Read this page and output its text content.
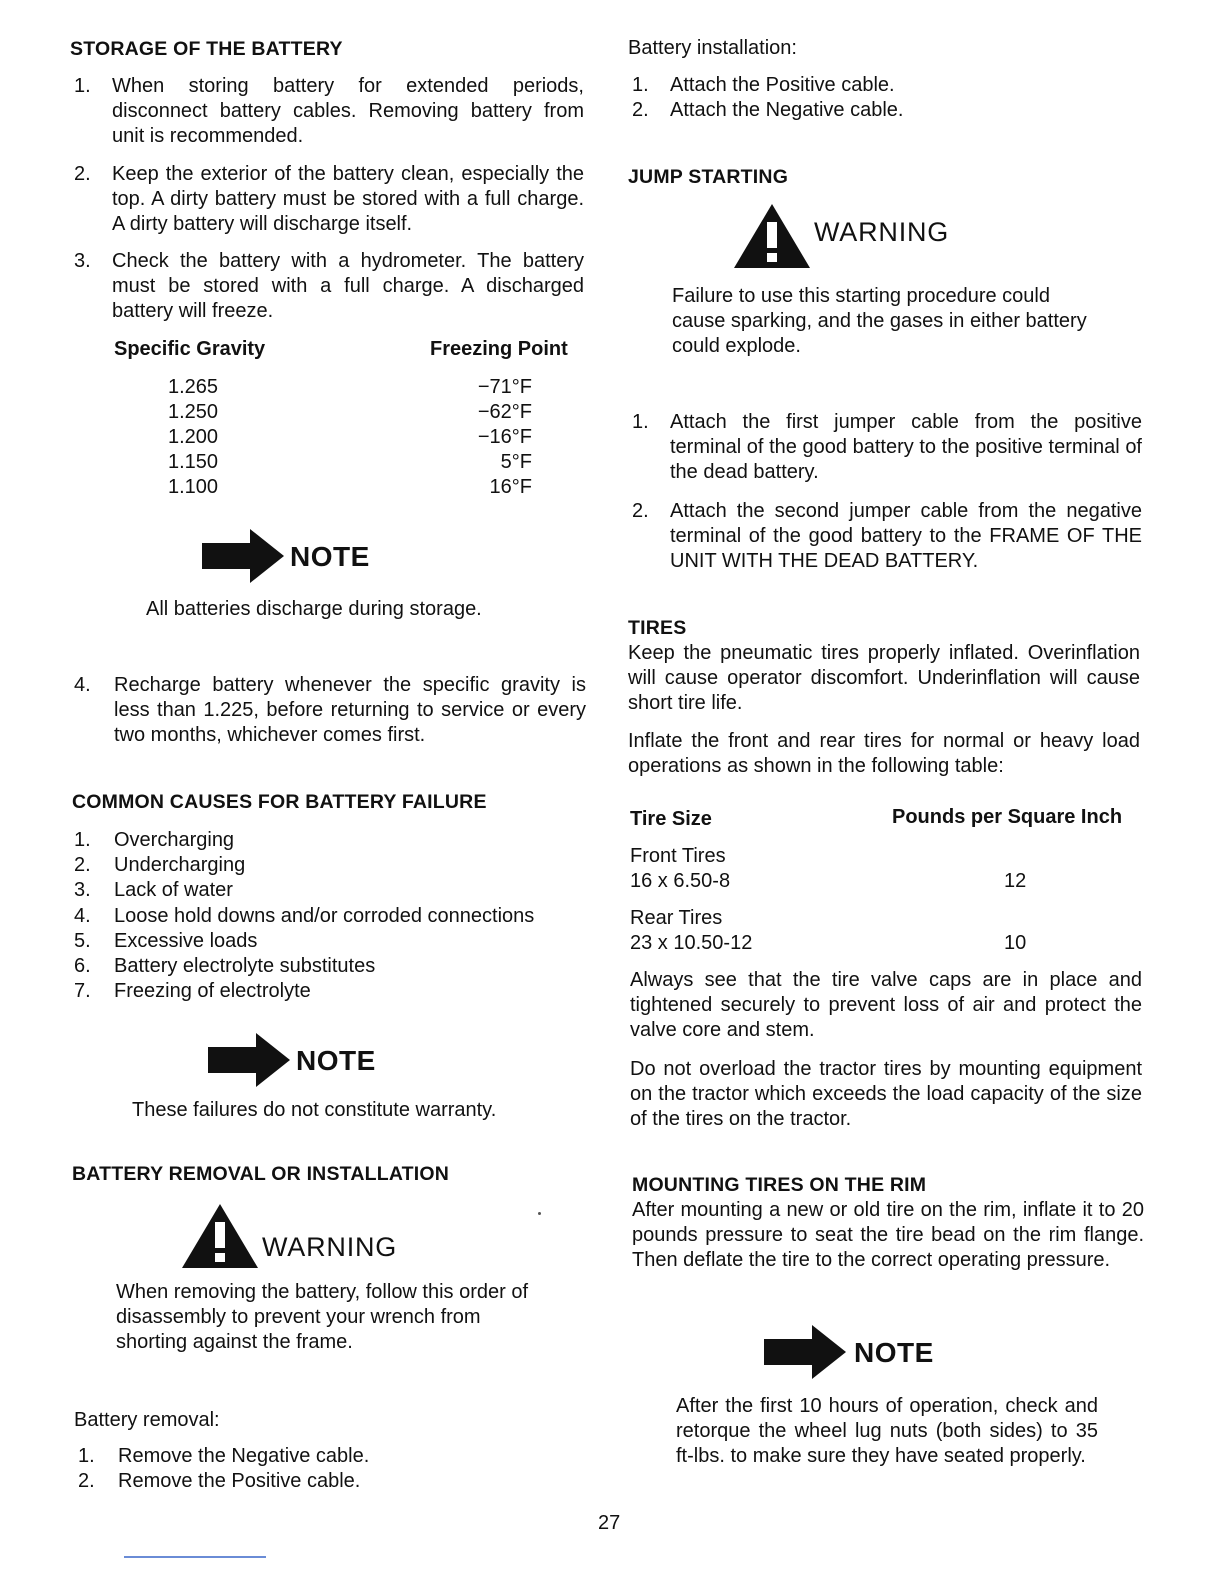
STORAGE OF THE BATTERY
1. When storing battery for extended periods, disconnect battery cables. Removing battery from unit is recommended.
2. Keep the exterior of the battery clean, especially the top. A dirty battery must be stored with a full charge. A dirty battery will discharge itself.
3. Check the battery with a hydrometer. The battery must be stored with a full charge. A discharged battery will freeze.
Specific Gravity	Freezing Point
1.265	−71°F
1.250	−62°F
1.200	−16°F
1.150	5°F
1.100	16°F
NOTE
All batteries discharge during storage.
4. Recharge battery whenever the specific gravity is less than 1.225, before returning to service or every two months, whichever comes first.
COMMON CAUSES FOR BATTERY FAILURE
1. Overcharging
2. Undercharging
3. Lack of water
4. Loose hold downs and/or corroded connections
5. Excessive loads
6. Battery electrolyte substitutes
7. Freezing of electrolyte
NOTE
These failures do not constitute warranty.
BATTERY REMOVAL OR INSTALLATION
WARNING
When removing the battery, follow this order of disassembly to prevent your wrench from shorting against the frame.
Battery removal:
1. Remove the Negative cable.
2. Remove the Positive cable.
Battery installation:
1. Attach the Positive cable.
2. Attach the Negative cable.
JUMP STARTING
WARNING
Failure to use this starting procedure could cause sparking, and the gases in either battery could explode.
1. Attach the first jumper cable from the positive terminal of the good battery to the positive terminal of the dead battery.
2. Attach the second jumper cable from the negative terminal of the good battery to the FRAME OF THE UNIT WITH THE DEAD BATTERY.
TIRES
Keep the pneumatic tires properly inflated. Overinflation will cause operator discomfort. Underinflation will cause short tire life.
Inflate the front and rear tires for normal or heavy load operations as shown in the following table:
Tire Size	Pounds per Square Inch
Front Tires
16 x 6.50-8	12
Rear Tires
23 x 10.50-12	10
Always see that the tire valve caps are in place and tightened securely to prevent loss of air and protect the valve core and stem.
Do not overload the tractor tires by mounting equipment on the tractor which exceeds the load capacity of the size of the tires on the tractor.
MOUNTING TIRES ON THE RIM
After mounting a new or old tire on the rim, inflate it to 20 pounds pressure to seat the tire bead on the rim flange. Then deflate the tire to the correct operating pressure.
NOTE
After the first 10 hours of operation, check and retorque the wheel lug nuts (both sides) to 35 ft-lbs. to make sure they have seated properly.
27
